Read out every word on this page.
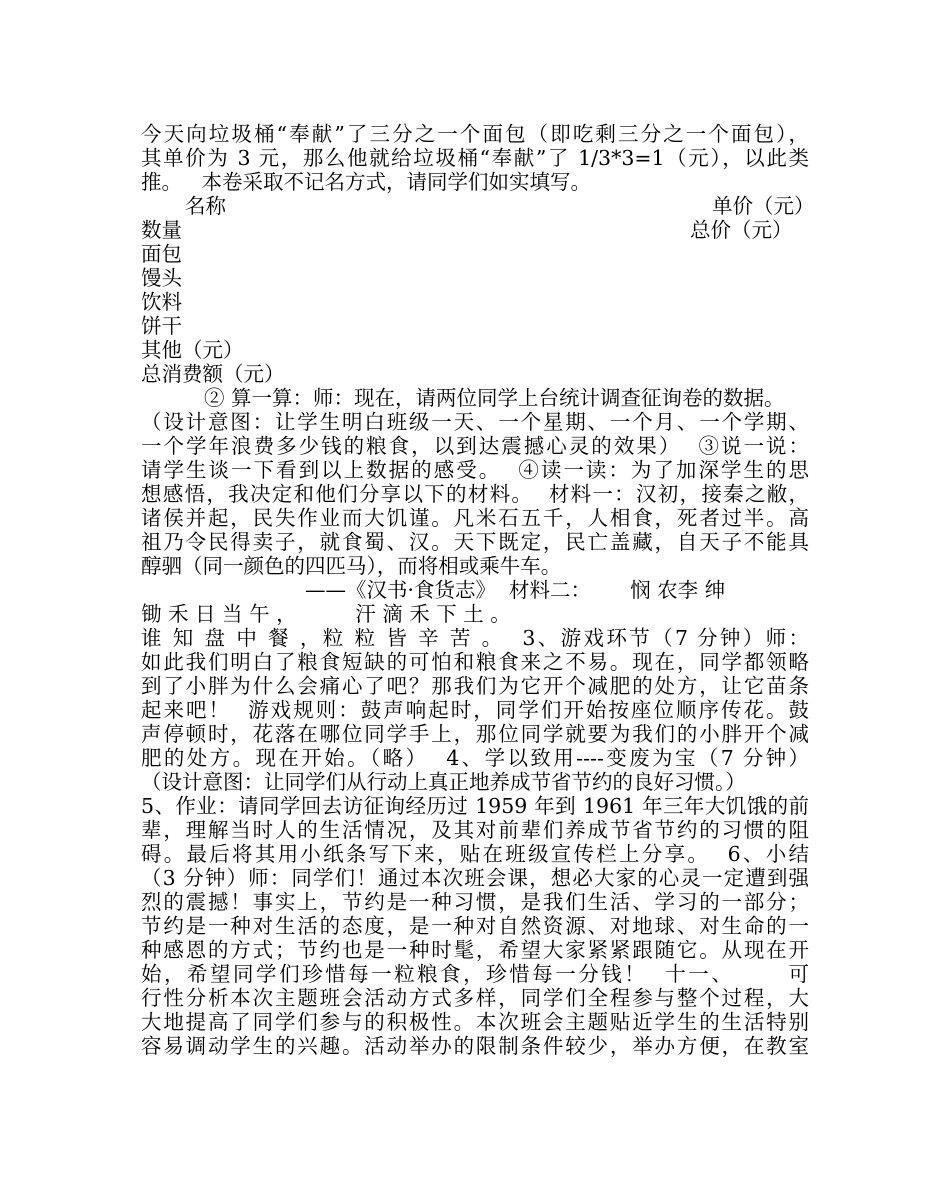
今天向垃圾桶“奉献”了三分之一个面包（即吃剩三分之一个面包），
其单价为 3 元，那么他就给垃圾桶“奉献”了 1/3*3=1（元），以此类
推。   本卷采取不记名方式，请同学们如实填写。
名称	单价（元）
数量	总价（元）
面包
馒头
饮料
饼干
其他（元）
总消费额（元）
② 算一算：师：现在，请两位同学上台统计调查征询卷的数据。
（设计意图：让学生明白班级一天、一个星期、一个月、一个学期、
一个学年浪费多少钱的粮食，以到达震撼心灵的效果）  ③说一说：
请学生谈一下看到以上数据的感受。  ④读一读：为了加深学生的思
想感悟，我决定和他们分享以下的材料。  材料一：汉初，接秦之敝，
诸侯并起，民失作业而大饥谨。凡米石五千，人相食，死者过半。高
祖乃令民得卖子，就食蜀、汉。天下既定，民亡盖藏，自天子不能具
醇驷（同一颜色的四匹马），而将相或乘牛车。
——《汉书·食货志》  材料二：      悯 农李 绅
锄 禾 日 当 午 ，         汗 滴 禾 下 土 。
谁 知 盘 中 餐 ，粒 粒 皆 辛 苦 。  3、游戏环节（7 分钟）师：
如此我们明白了粮食短缺的可怕和粮食来之不易。现在，同学都领略
到了小胖为什么会痛心了吧？那我们为它开个减肥的处方，让它苗条
起来吧！  游戏规则：鼓声响起时，同学们开始按座位顺序传花。鼓
声停顿时，花落在哪位同学手上，那位同学就要为我们的小胖开个减
肥的处方。现在开始。（略）  4、学以致用----变废为宝（7 分钟）
（设计意图：让同学们从行动上真正地养成节省节约的良好习惯。）
5、作业：请同学回去访征询经历过 1959 年到 1961 年三年大饥饿的前
辈，理解当时人的生活情况，及其对前辈们养成节省节约的习惯的阻
碍。最后将其用小纸条写下来，贴在班级宣传栏上分享。  6、小结
（3 分钟）师：同学们！通过本次班会课，想必大家的心灵一定遭到强
烈的震撼！事实上，节约是一种习惯，是我们生活、学习的一部分；
节约是一种对生活的态度，是一种对自然资源、对地球、对生命的一
种感恩的方式；节约也是一种时髦，希望大家紧紧跟随它。从现在开
始，希望同学们珍惜每一粒粮食，珍惜每一分钱！  十一、      可
行性分析本次主题班会活动方式多样，同学们全程参与整个过程，大
大地提高了同学们参与的积极性。本次班会主题贴近学生的生活特别
容易调动学生的兴趣。活动举办的限制条件较少，举办方便，在教室
